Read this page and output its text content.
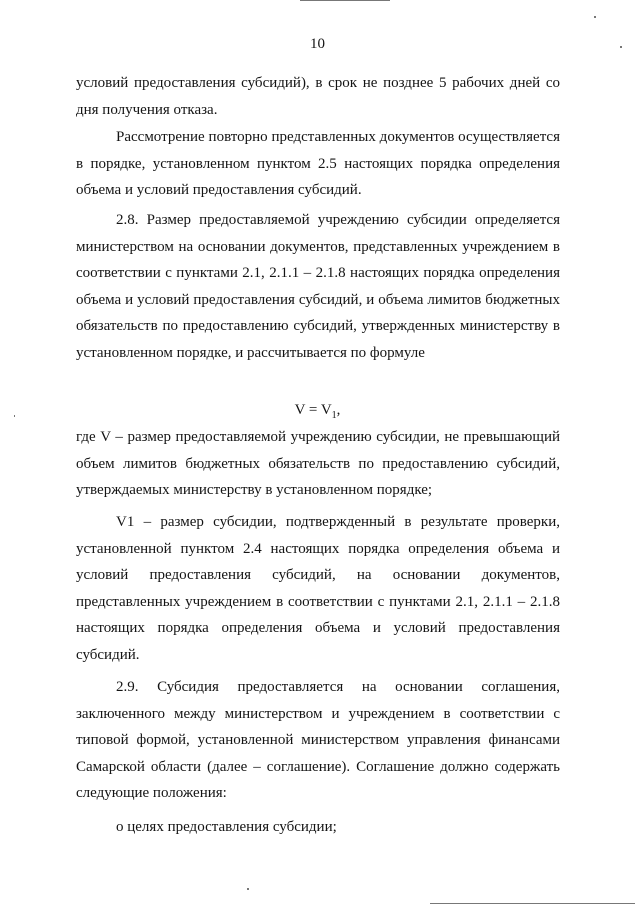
10

условий предоставления субсидий), в срок не позднее 5 рабочих дней со дня получения отказа.

Рассмотрение повторно представленных документов осуществляется в порядке, установленном пунктом 2.5 настоящих порядка определения объема и условий предоставления субсидий.

2.8. Размер предоставляемой учреждению субсидии определяется министерством на основании документов, представленных учреждением в соответствии с пунктами 2.1, 2.1.1 – 2.1.8 настоящих порядка определения объема и условий предоставления субсидий, и объема лимитов бюджетных обязательств по предоставлению субсидий, утвержденных министерству в установленном порядке, и рассчитывается по формуле

$V = V_1$,

где V – размер предоставляемой учреждению субсидии, не превышающий объем лимитов бюджетных обязательств по предоставлению субсидий, утверждаемых министерству в установленном порядке;

V1 – размер субсидии, подтвержденный в результате проверки, установленной пунктом 2.4 настоящих порядка определения объема и условий предоставления субсидий, на основании документов, представленных учреждением в соответствии с пунктами 2.1, 2.1.1 – 2.1.8 настоящих порядка определения объема и условий предоставления субсидий.

2.9. Субсидия предоставляется на основании соглашения, заключенного между министерством и учреждением в соответствии с типовой формой, установленной министерством управления финансами Самарской области (далее – соглашение). Соглашение должно содержать следующие положения:

о целях предоставления субсидии;
